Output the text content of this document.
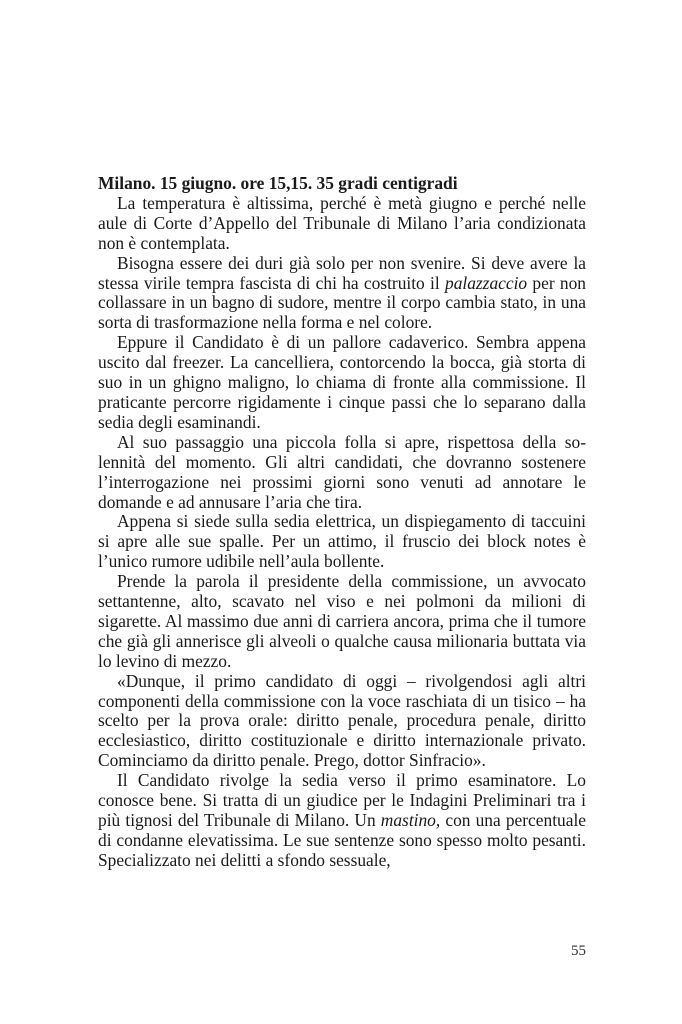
Milano. 15 giugno. ore 15,15. 35 gradi centigradi

La temperatura è altissima, perché è metà giugno e perché nelle aule di Corte d’Appello del Tribunale di Milano l’aria condizionata non è contemplata.

Bisogna essere dei duri già solo per non svenire. Si deve avere la stessa virile tempra fascista di chi ha costruito il palazzaccio per non collassare in un bagno di sudore, mentre il corpo cambia stato, in una sorta di trasformazione nella forma e nel colore.

Eppure il Candidato è di un pallore cadaverico. Sembra appena uscito dal freezer. La cancelliera, contorcendo la bocca, già storta di suo in un ghigno maligno, lo chiama di fronte alla commissione. Il praticante percorre rigidamente i cinque passi che lo separano dalla sedia degli esaminandi.

Al suo passaggio una piccola folla si apre, rispettosa della solennità del momento. Gli altri candidati, che dovranno sostenere l’interrogazione nei prossimi giorni sono venuti ad annotare le domande e ad annusare l’aria che tira.

Appena si siede sulla sedia elettrica, un dispiegamento di taccuini si apre alle sue spalle. Per un attimo, il fruscio dei block notes è l’unico rumore udibile nell’aula bollente.

Prende la parola il presidente della commissione, un avvocato settantenne, alto, scavato nel viso e nei polmoni da milioni di sigarette. Al massimo due anni di carriera ancora, prima che il tumore che già gli annerisce gli alveoli o qualche causa milionaria buttata via lo levino di mezzo.

«Dunque, il primo candidato di oggi – rivolgendosi agli altri componenti della commissione con la voce raschiata di un tisico – ha scelto per la prova orale: diritto penale, procedura penale, diritto ecclesiastico, diritto costituzionale e diritto internazionale privato. Cominciamo da diritto penale. Prego, dottor Sinfracio».

Il Candidato rivolge la sedia verso il primo esaminatore. Lo conosce bene. Si tratta di un giudice per le Indagini Preliminari tra i più tignosi del Tribunale di Milano. Un mastino, con una percentuale di condanne elevatissima. Le sue sentenze sono spesso molto pesanti. Specializzato nei delitti a sfondo sessuale,

55
